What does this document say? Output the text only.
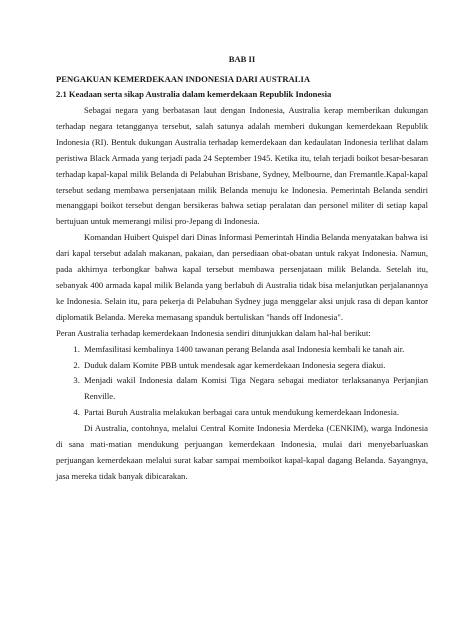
BAB II
PENGAKUAN KEMERDEKAAN INDONESIA DARI AUSTRALIA
2.1 Keadaan serta sikap Australia dalam kemerdekaan Republik Indonesia

Sebagai negara yang berbatasan laut dengan Indonesia, Australia kerap memberikan dukungan terhadap negara tetangganya tersebut, salah satunya adalah memberi dukungan kemerdekaan Republik Indonesia (RI). Bentuk dukungan Australia terhadap kemerdekaan dan kedaulatan Indonesia terlihat dalam peristiwa Black Armada yang terjadi pada 24 September 1945. Ketika itu, telah terjadi boikot besar-besaran terhadap kapal-kapal milik Belanda di Pelabuhan Brisbane, Sydney, Melbourne, dan Fremantle.Kapal-kapal tersebut sedang membawa persenjataan milik Belanda menuju ke Indonesia. Pemerintah Belanda sendiri menanggapi boikot tersebut dengan bersikeras bahwa setiap peralatan dan personel militer di setiap kapal bertujuan untuk memerangi milisi pro-Jepang di Indonesia.

Komandan Huibert Quispel dari Dinas Informasi Pemerintah Hindia Belanda menyatakan bahwa isi dari kapal tersebut adalah makanan, pakaian, dan persediaan obat-obatan untuk rakyat Indonesia. Namun, pada akhirnya terbongkar bahwa kapal tersebut membawa persenjataan milik Belanda. Setelah itu, sebanyak 400 armada kapal milik Belanda yang berlabuh di Australia tidak bisa melanjutkan perjalanannya ke Indonesia. Selain itu, para pekerja di Pelabuhan Sydney juga menggelar aksi unjuk rasa di depan kantor diplomatik Belanda. Mereka memasang spanduk bertuliskan "hands off Indonesia".

Peran Australia terhadap kemerdekaan Indonesia sendiri ditunjukkan dalam hal-hal berikut:

1. Memfasilitasi kembalinya 1400 tawanan perang Belanda asal Indonesia kembali ke tanah air.
2. Duduk dalam Komite PBB untuk mendesak agar kemerdekaan Indonesia segera diakui.
3. Menjadi wakil Indonesia dalam Komisi Tiga Negara sebagai mediator terlaksananya Perjanjian Renville.
4. Partai Buruh Australia melakukan berbagai cara untuk mendukung kemerdekaan Indonesia.

Di Australia, contohnya, melalui Central Komite Indonesia Merdeka (CENKIM), warga Indonesia di sana mati-matian mendukung perjuangan kemerdekaan Indonesia, mulai dari menyebarluaskan perjuangan kemerdekaan melalui surat kabar sampai memboikot kapal-kapal dagang Belanda. Sayangnya, jasa mereka tidak banyak dibicarakan.
